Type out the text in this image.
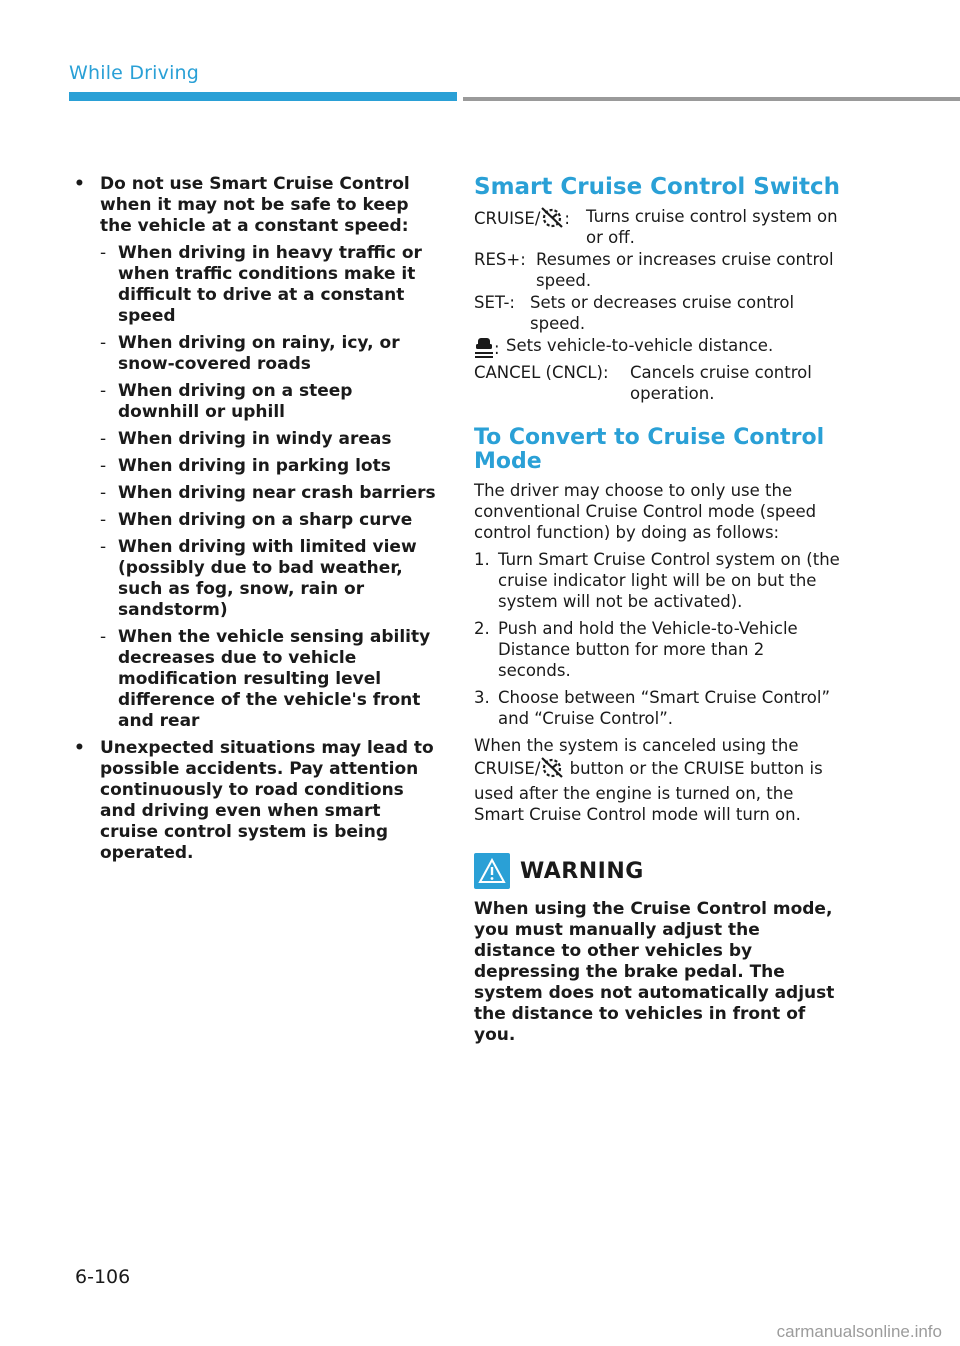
While Driving
• Do not use Smart Cruise Control when it may not be safe to keep the vehicle at a constant speed:
- When driving in heavy traffic or when traffic conditions make it difficult to drive at a constant speed
- When driving on rainy, icy, or snow-covered roads
- When driving on a steep downhill or uphill
- When driving in windy areas
- When driving in parking lots
- When driving near crash barriers
- When driving on a sharp curve
- When driving with limited view (possibly due to bad weather, such as fog, snow, rain or sandstorm)
- When the vehicle sensing ability decreases due to vehicle modification resulting level difference of the vehicle's front and rear
• Unexpected situations may lead to possible accidents. Pay attention continuously to road conditions and driving even when smart cruise control system is being operated.
Smart Cruise Control Switch
CRUISE/ : Turns cruise control system on or off.
RES+: Resumes or increases cruise control speed.
SET-: Sets or decreases cruise control speed.
: Sets vehicle-to-vehicle distance.
CANCEL (CNCL):	Cancels cruise control operation.
To Convert to Cruise Control Mode
The driver may choose to only use the conventional Cruise Control mode (speed control function) by doing as follows:
1. Turn Smart Cruise Control system on (the cruise indicator light will be on but the system will not be activated).
2. Push and hold the Vehicle-to-Vehicle Distance button for more than 2 seconds.
3. Choose between “Smart Cruise Control” and “Cruise Control”.
When the system is canceled using the CRUISE/ button or the CRUISE button is used after the engine is turned on, the Smart Cruise Control mode will turn on.
WARNING
When using the Cruise Control mode, you must manually adjust the distance to other vehicles by depressing the brake pedal. The system does not automatically adjust the distance to vehicles in front of you.
6-106
carmanualsonline.info
